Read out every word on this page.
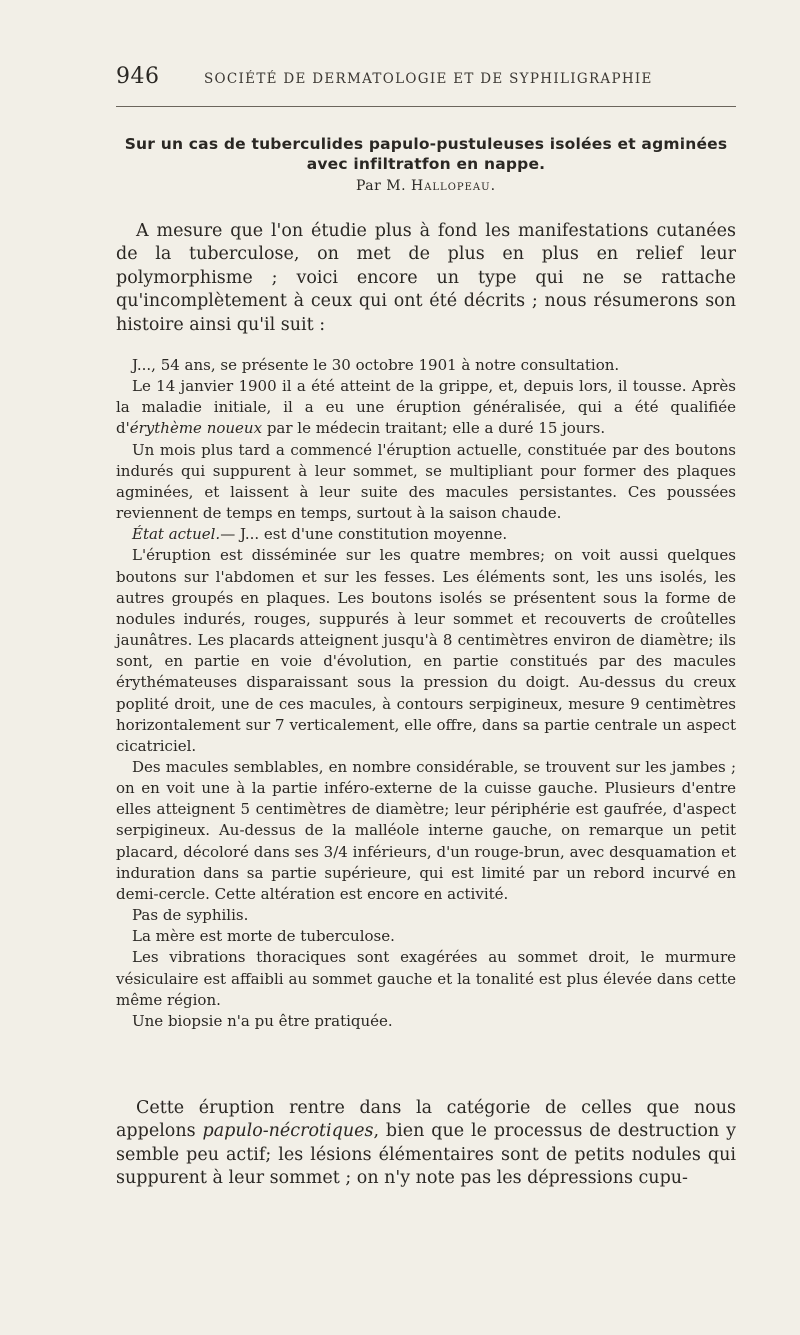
946	SOCIÉTÉ DE DERMATOLOGIE ET DE SYPHILIGRAPHIE
Sur un cas de tuberculides papulo-pustuleuses isolées et agminées
avec infiltratfon en nappe.
Par M. Hallopeau.

A mesure que l'on étudie plus à fond les manifestations cutanées de la tuberculose, on met de plus en plus en relief leur polymorphisme ; voici encore un type qui ne se rattache qu'incomplètement à ceux qui ont été décrits ; nous résumerons son histoire ainsi qu'il suit :

J..., 54 ans, se présente le 30 octobre 1901 à notre consultation.

Le 14 janvier 1900 il a été atteint de la grippe, et, depuis lors, il tousse. Après la maladie initiale, il a eu une éruption généralisée, qui a été qualifiée d'érythème noueux par le médecin traitant; elle a duré 15 jours.

Un mois plus tard a commencé l'éruption actuelle, constituée par des boutons indurés qui suppurent à leur sommet, se multipliant pour former des plaques agminées, et laissent à leur suite des macules persistantes. Ces poussées reviennent de temps en temps, surtout à la saison chaude.

État actuel.— J... est d'une constitution moyenne.

L'éruption est disséminée sur les quatre membres; on voit aussi quelques boutons sur l'abdomen et sur les fesses. Les éléments sont, les uns isolés, les autres groupés en plaques. Les boutons isolés se présentent sous la forme de nodules indurés, rouges, suppurés à leur sommet et recouverts de croûtelles jaunâtres. Les placards atteignent jusqu'à 8 centimètres environ de diamètre; ils sont, en partie en voie d'évolution, en partie constitués par des macules érythémateuses disparaissant sous la pression du doigt. Au-dessus du creux poplité droit, une de ces macules, à contours serpigineux, mesure 9 centimètres horizontalement sur 7 verticalement, elle offre, dans sa partie centrale un aspect cicatriciel.

Des macules semblables, en nombre considérable, se trouvent sur les jambes ; on en voit une à la partie inféro-externe de la cuisse gauche. Plusieurs d'entre elles atteignent 5 centimètres de diamètre; leur périphérie est gaufrée, d'aspect serpigineux. Au-dessus de la malléole interne gauche, on remarque un petit placard, décoloré dans ses 3/4 inférieurs, d'un rouge-brun, avec desquamation et induration dans sa partie supérieure, qui est limité par un rebord incurvé en demi-cercle. Cette altération est encore en activité.

Pas de syphilis.

La mère est morte de tuberculose.

Les vibrations thoraciques sont exagérées au sommet droit, le murmure vésiculaire est affaibli au sommet gauche et la tonalité est plus élevée dans cette même région.

Une biopsie n'a pu être pratiquée.

Cette éruption rentre dans la catégorie de celles que nous appelons papulo-nécrotiques, bien que le processus de destruction y semble peu actif; les lésions élémentaires sont de petits nodules qui suppurent à leur sommet ; on n'y note pas les dépressions cupu-
